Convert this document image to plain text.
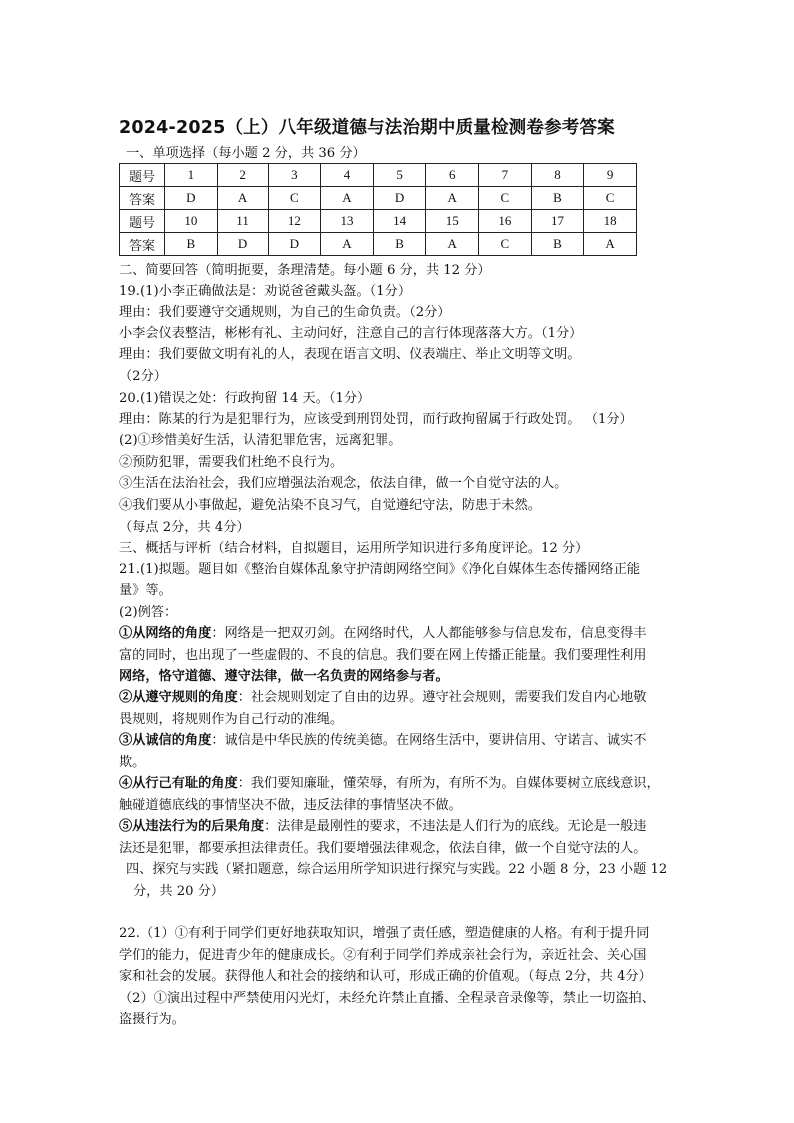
2024-2025（上）八年级道德与法治期中质量检测卷参考答案
一、单项选择（每小题 2 分，共 36 分）
题号	1	2	3	4	5	6	7	8	9
答案	D	A	C	A	D	A	C	B	C
题号	10	11	12	13	14	15	16	17	18
答案	B	D	D	A	B	A	C	B	A
二、简要回答（简明扼要，条理清楚。每小题 6 分，共 12 分）
19.(1)小李正确做法是：劝说爸爸戴头盔。（1分）
理由：我们要遵守交通规则，为自己的生命负责。（2分）
小李会仪表整洁，彬彬有礼、主动问好，注意自己的言行体现落落大方。（1分）
理由：我们要做文明有礼的人，表现在语言文明、仪表端庄、举止文明等文明。
（2分）
20.(1)错误之处：行政拘留 14 天。（1分）
理由：陈某的行为是犯罪行为，应该受到刑罚处罚，而行政拘留属于行政处罚。 （1分）
(2)①珍惜美好生活，认清犯罪危害，远离犯罪。
②预防犯罪，需要我们杜绝不良行为。
③生活在法治社会，我们应增强法治观念，依法自律，做一个自觉守法的人。
④我们要从小事做起，避免沾染不良习气，自觉遵纪守法，防患于未然。
（每点 2分，共 4分）
三、概括与评析（结合材料，自拟题目，运用所学知识进行多角度评论。12 分）
21.(1)拟题。题目如《整治自媒体乱象守护清朗网络空间》《净化自媒体生态传播网络正能
量》等。
(2)例答：
①从网络的角度：网络是一把双刃剑。在网络时代，人人都能够参与信息发布，信息变得丰
富的同时，也出现了一些虚假的、不良的信息。我们要在网上传播正能量。我们要理性利用
网络，恪守道德、遵守法律，做一名负责的网络参与者。
②从遵守规则的角度：社会规则划定了自由的边界。遵守社会规则，需要我们发自内心地敬
畏规则，将规则作为自己行动的准绳。
③从诚信的角度：诚信是中华民族的传统美德。在网络生活中，要讲信用、守诺言、诚实不
欺。
④从行己有耻的角度：我们要知廉耻，懂荣辱，有所为，有所不为。自媒体要树立底线意识，
触碰道德底线的事情坚决不做，违反法律的事情坚决不做。
⑤从违法行为的后果角度：法律是最刚性的要求，不违法是人们行为的底线。无论是一般违
法还是犯罪，都要承担法律责任。我们要增强法律观念，依法自律，做一个自觉守法的人。
四、探究与实践（紧扣题意，综合运用所学知识进行探究与实践。22 小题 8 分，23 小题 12
分，共 20 分）
22.（1）①有利于同学们更好地获取知识，增强了责任感，塑造健康的人格。有利于提升同
学们的能力，促进青少年的健康成长。②有利于同学们养成亲社会行为，亲近社会、关心国
家和社会的发展。获得他人和社会的接纳和认可，形成正确的价值观。（每点 2分，共 4分）
（2）①演出过程中严禁使用闪光灯，未经允许禁止直播、全程录音录像等，禁止一切盗拍、
盗摄行为。
